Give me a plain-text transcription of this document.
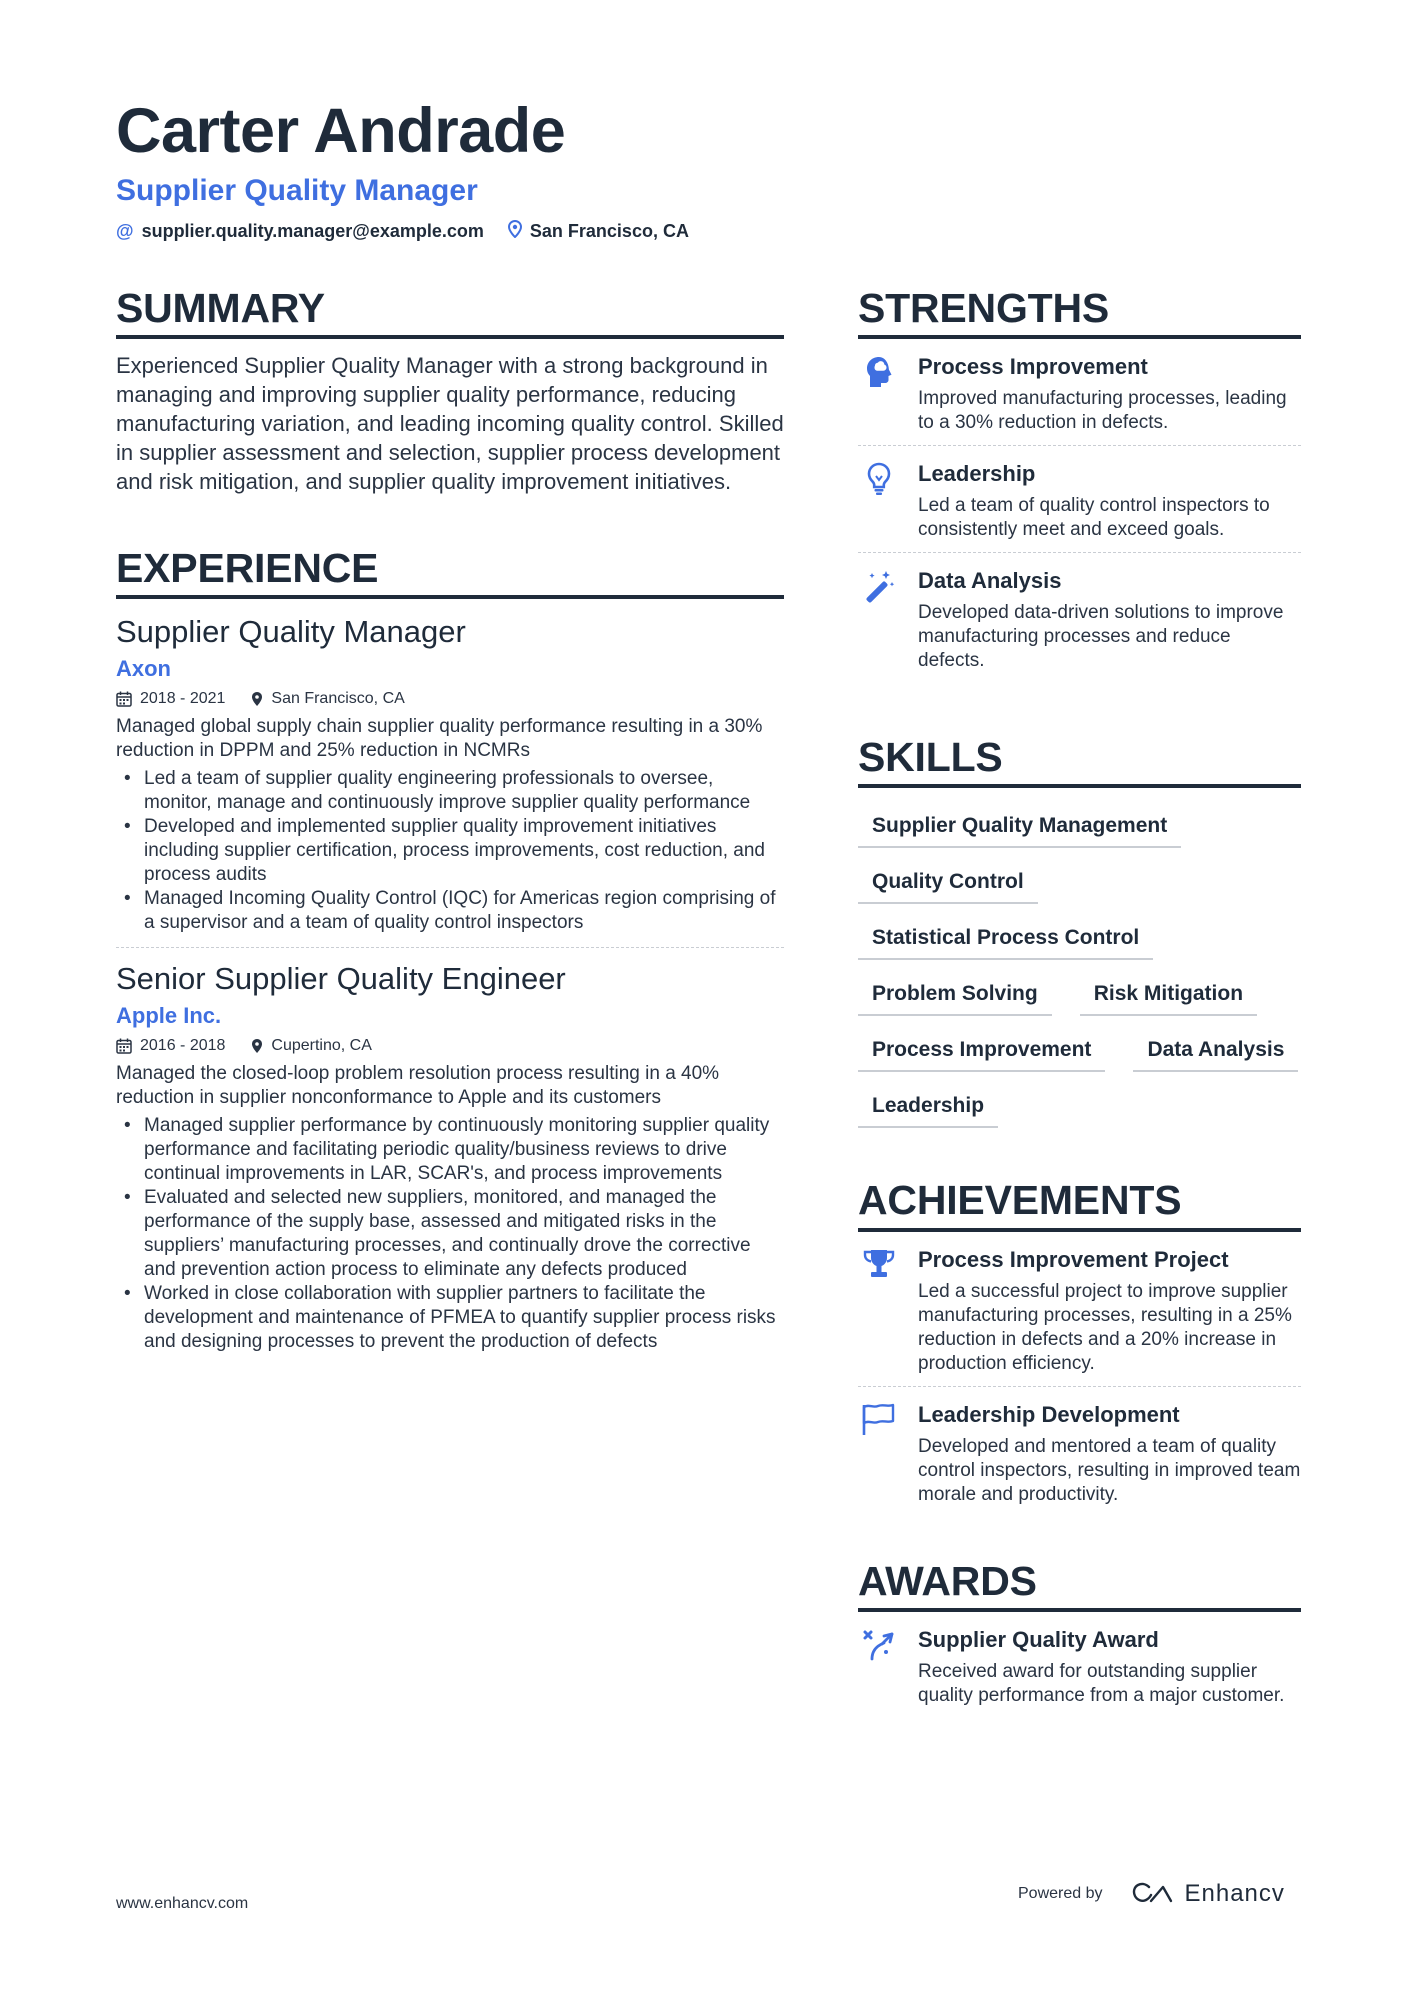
Carter Andrade
Supplier Quality Manager
@ supplier.quality.manager@example.com	San Francisco, CA
SUMMARY
Experienced Supplier Quality Manager with a strong background in managing and improving supplier quality performance, reducing manufacturing variation, and leading incoming quality control. Skilled in supplier assessment and selection, supplier process development and risk mitigation, and supplier quality improvement initiatives.
EXPERIENCE
Supplier Quality Manager
Axon
2018 - 2021	San Francisco, CA
Managed global supply chain supplier quality performance resulting in a 30% reduction in DPPM and 25% reduction in NCMRs
• Led a team of supplier quality engineering professionals to oversee, monitor, manage and continuously improve supplier quality performance
• Developed and implemented supplier quality improvement initiatives including supplier certification, process improvements, cost reduction, and process audits
• Managed Incoming Quality Control (IQC) for Americas region comprising of a supervisor and a team of quality control inspectors
Senior Supplier Quality Engineer
Apple Inc.
2016 - 2018	Cupertino, CA
Managed the closed-loop problem resolution process resulting in a 40% reduction in supplier nonconformance to Apple and its customers
• Managed supplier performance by continuously monitoring supplier quality performance and facilitating periodic quality/business reviews to drive continual improvements in LAR, SCAR's, and process improvements
• Evaluated and selected new suppliers, monitored, and managed the performance of the supply base, assessed and mitigated risks in the suppliers’ manufacturing processes, and continually drove the corrective and prevention action process to eliminate any defects produced
• Worked in close collaboration with supplier partners to facilitate the development and maintenance of PFMEA to quantify supplier process risks and designing processes to prevent the production of defects
STRENGTHS
Process Improvement
Improved manufacturing processes, leading to a 30% reduction in defects.
Leadership
Led a team of quality control inspectors to consistently meet and exceed goals.
Data Analysis
Developed data-driven solutions to improve manufacturing processes and reduce defects.
SKILLS
Supplier Quality Management
Quality Control
Statistical Process Control
Problem Solving	Risk Mitigation
Process Improvement	Data Analysis
Leadership
ACHIEVEMENTS
Process Improvement Project
Led a successful project to improve supplier manufacturing processes, resulting in a 25% reduction in defects and a 20% increase in production efficiency.
Leadership Development
Developed and mentored a team of quality control inspectors, resulting in improved team morale and productivity.
AWARDS
Supplier Quality Award
Received award for outstanding supplier quality performance from a major customer.
www.enhancv.com
Powered by	Enhancv
